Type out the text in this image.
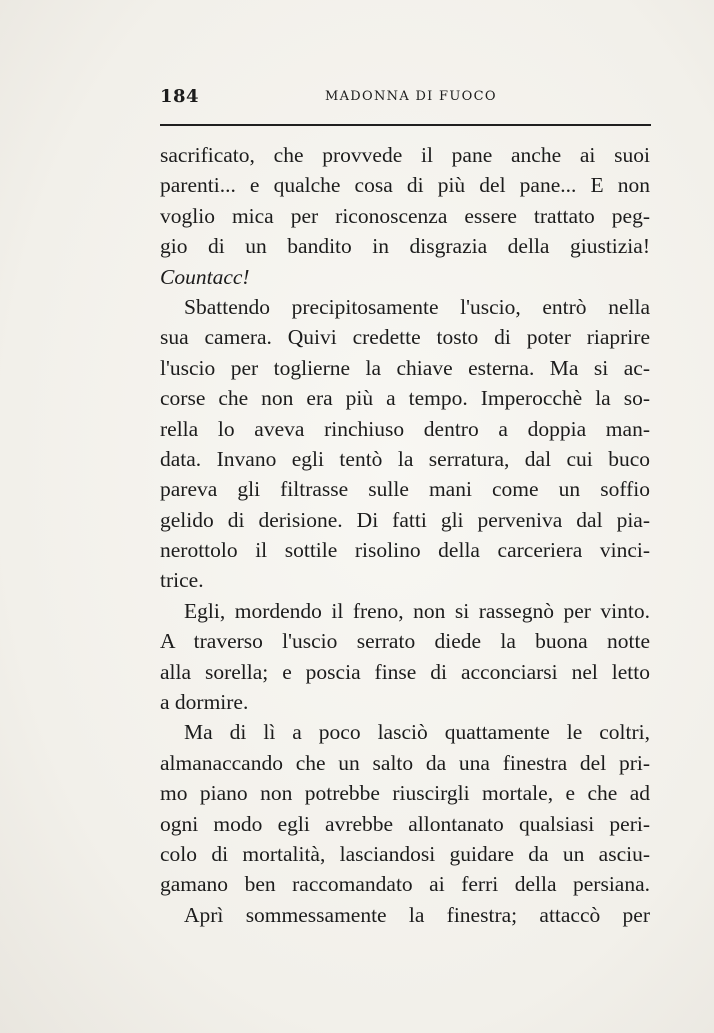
184	MADONNA DI FUOCO
sacrificato, che provvede il pane anche ai suoi
parenti... e qualche cosa di più del pane... E non
voglio mica per riconoscenza essere trattato peg-
gio di un bandito in disgrazia della giustizia!
Countacc!
Sbattendo precipitosamente l'uscio, entrò nella
sua camera. Quivi credette tosto di poter riaprire
l'uscio per toglierne la chiave esterna. Ma si ac-
corse che non era più a tempo. Imperocchè la so-
rella lo aveva rinchiuso dentro a doppia man-
data. Invano egli tentò la serratura, dal cui buco
pareva gli filtrasse sulle mani come un soffio
gelido di derisione. Di fatti gli perveniva dal pia-
nerottolo il sottile risolino della carceriera vinci-
trice.
Egli, mordendo il freno, non si rassegnò per vinto.
A traverso l'uscio serrato diede la buona notte
alla sorella; e poscia finse di acconciarsi nel letto
a dormire.
Ma di lì a poco lasciò quattamente le coltri,
almanaccando che un salto da una finestra del pri-
mo piano non potrebbe riuscirgli mortale, e che ad
ogni modo egli avrebbe allontanato qualsiasi peri-
colo di mortalità, lasciandosi guidare da un asciu-
gamano ben raccomandato ai ferri della persiana.
Aprì sommessamente la finestra; attaccò per
